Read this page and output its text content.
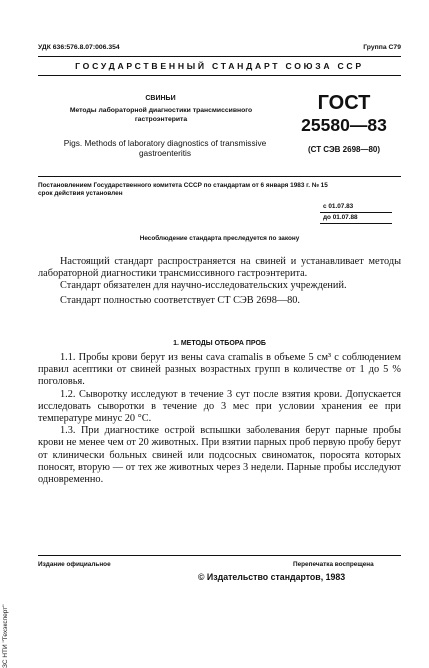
ЗС НТИ "Техэксперт"
УДК 636:576.8.07:006.354	Группа С79
ГОСУДАРСТВЕННЫЙ СТАНДАРТ СОЮЗА ССР
СВИНЬИ
Методы лабораторной диагностики трансмиссивного гастроэнтерита
Pigs. Methods of laboratory diagnostics of transmissive gastroenteritis
ГОСТ
25580—83
(СТ СЭВ 2698—80)
Постановлением Государственного комитета СССР по стандартам от 6 января 1983 г. № 15 срок действия установлен
с 01.07.83
до 01.07.88
Несоблюдение стандарта преследуется по закону

Настоящий стандарт распространяется на свиней и устанавливает методы лабораторной диагностики трансмиссивного гастроэнтерита.

Стандарт обязателен для научно-исследовательских учреждений.

Стандарт полностью соответствует СТ СЭВ 2698—80.

1. МЕТОДЫ ОТБОРА ПРОБ

1.1. Пробы крови берут из вены cava cramalis в объеме 5 см³ с соблюдением правил асептики от свиней разных возрастных групп в количестве от 1 до 5 % поголовья.

1.2. Сыворотку исследуют в течение 3 сут после взятия крови. Допускается исследовать сыворотки в течение до 3 мес при условии хранения ее при температуре минус 20 °С.

1.3. При диагностике острой вспышки заболевания берут парные пробы крови не менее чем от 20 животных. При взятии парных проб первую пробу берут от клинически больных свиней или подсосных свиноматок, поросята которых поносят, вторую — от тех же животных через 3 недели. Парные пробы исследуют одновременно.

Издание официальное	Перепечатка воспрещена
© Издательство стандартов, 1983
